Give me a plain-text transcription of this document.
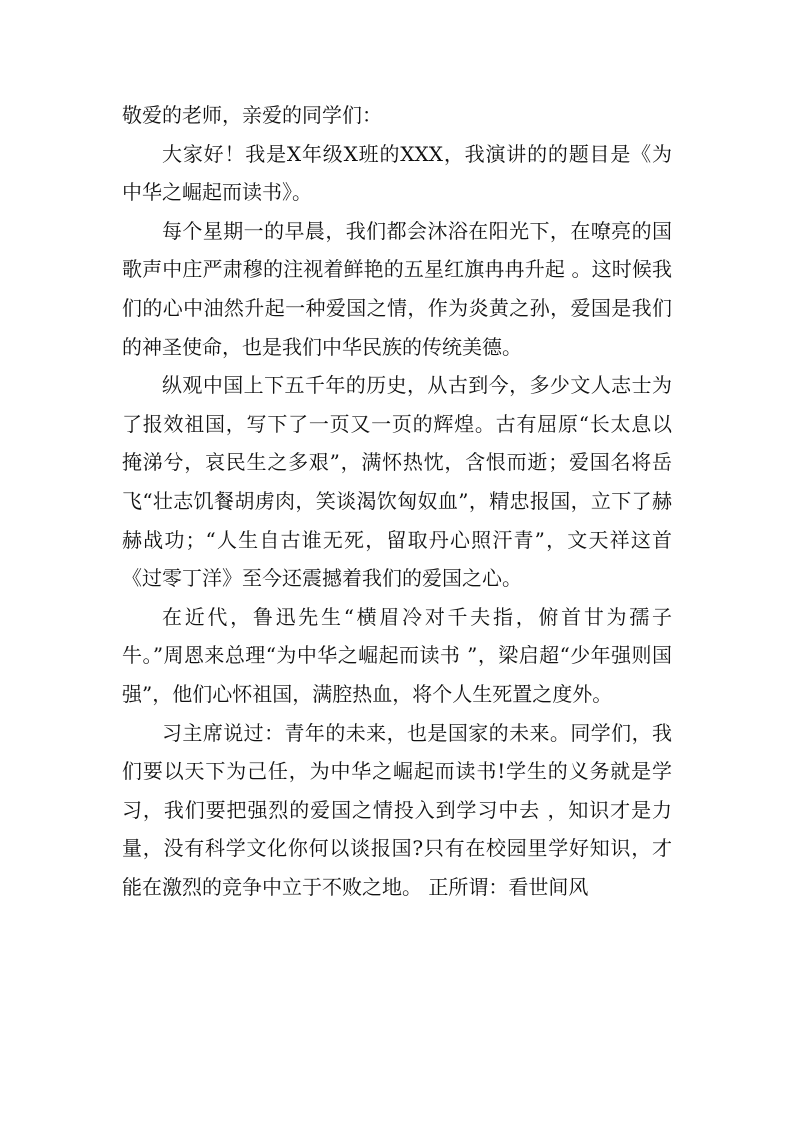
敬爱的老师，亲爱的同学们：

大家好！我是X年级X班的XXX，我演讲的的题目是《为中华之崛起而读书》。

每个星期一的早晨，我们都会沐浴在阳光下，在嘹亮的国歌声中庄严肃穆的注视着鲜艳的五星红旗冉冉升起 。这时候我们的心中油然升起一种爱国之情，作为炎黄之孙，爱国是我们的神圣使命，也是我们中华民族的传统美德。

纵观中国上下五千年的历史，从古到今，多少文人志士为了报效祖国，写下了一页又一页的辉煌。古有屈原“长太息以掩涕兮，哀民生之多艰”，满怀热忱，含恨而逝；爱国名将岳飞“壮志饥餐胡虏肉，笑谈渴饮匈奴血”，精忠报国，立下了赫赫战功；“人生自古谁无死，留取丹心照汗青”，文天祥这首《过零丁洋》至今还震撼着我们的爱国之心。

在近代，鲁迅先生“横眉冷对千夫指，俯首甘为孺子牛。”周恩来总理“为中华之崛起而读书 ”，梁启超“少年强则国强”，他们心怀祖国，满腔热血，将个人生死置之度外。

习主席说过：青年的未来，也是国家的未来。同学们，我们要以天下为己任，为中华之崛起而读书!学生的义务就是学习，我们要把强烈的爱国之情投入到学习中去 ，知识才是力量，没有科学文化你何以谈报国?只有在校园里学好知识，才能在激烈的竞争中立于不败之地。 正所谓：看世间风
